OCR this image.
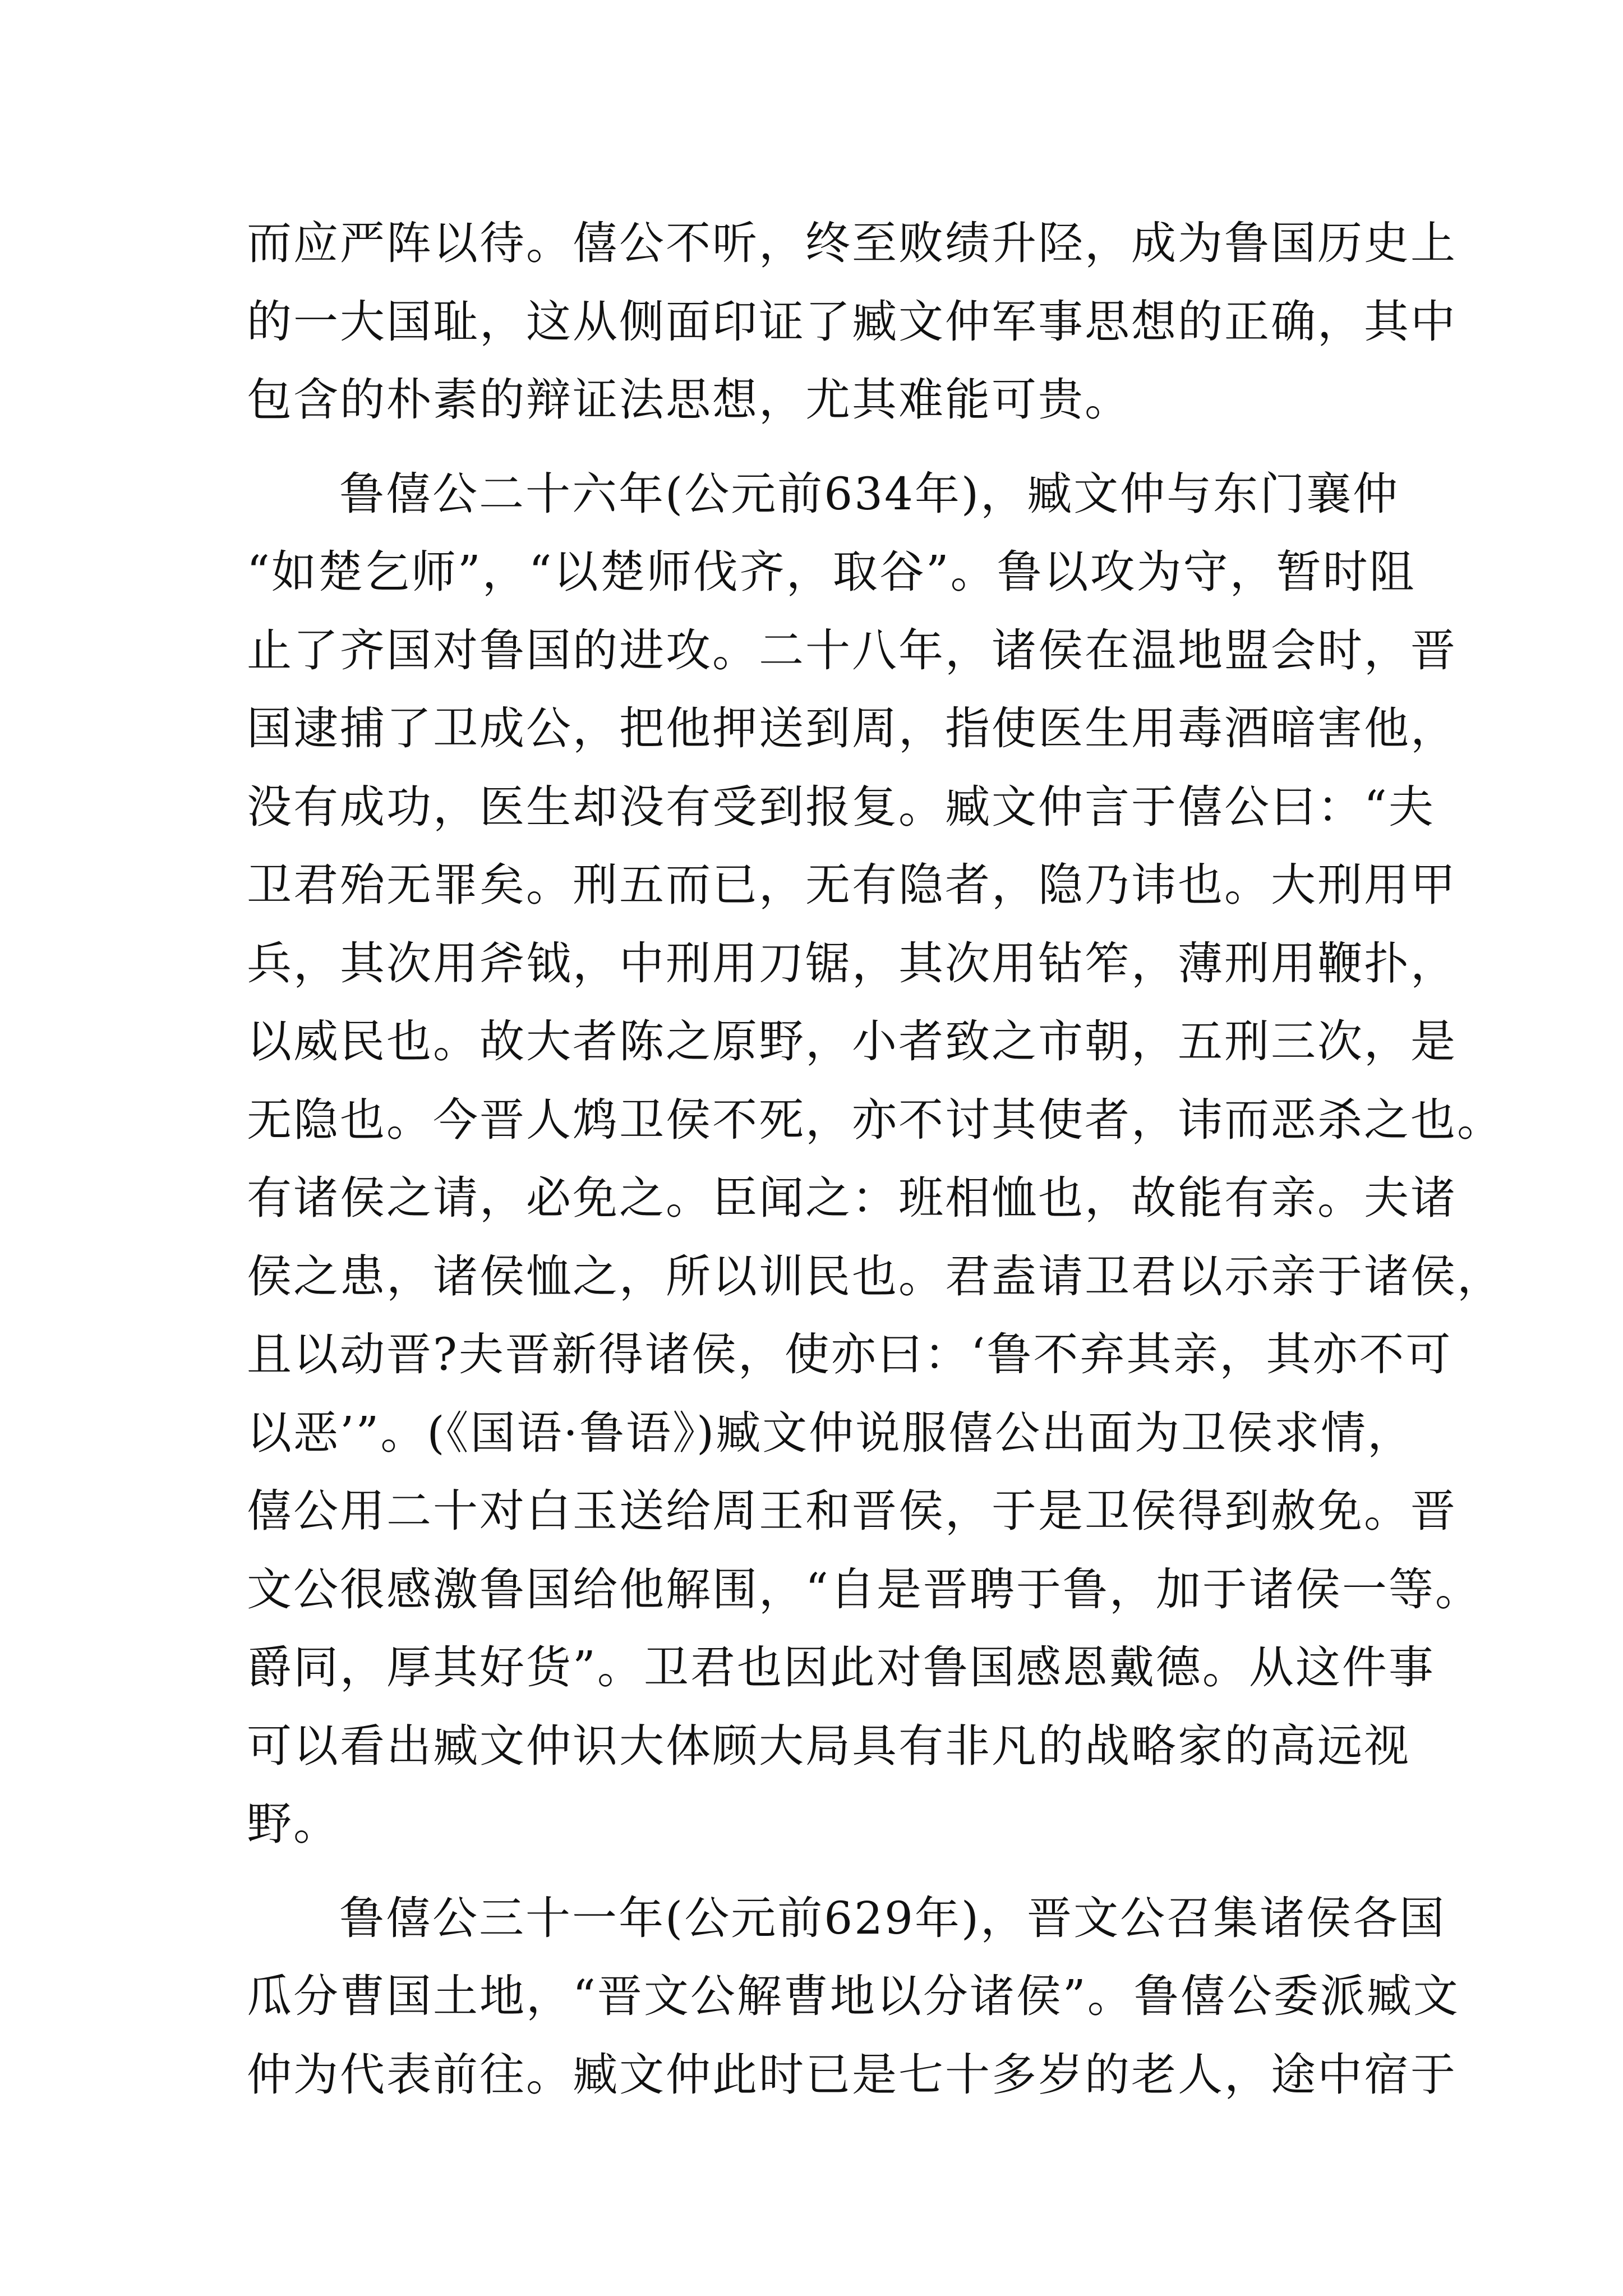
而应严阵以待。僖公不听，终至败绩升陉，成为鲁国历史上
的一大国耻，这从侧面印证了臧文仲军事思想的正确，其中
包含的朴素的辩证法思想，尤其难能可贵。
鲁僖公二十六年(公元前634年)，臧文仲与东门襄仲
“如楚乞师”，“以楚师伐齐，取谷”。鲁以攻为守，暂时阻
止了齐国对鲁国的进攻。二十八年，诸侯在温地盟会时，晋
国逮捕了卫成公，把他押送到周，指使医生用毒酒暗害他，
没有成功，医生却没有受到报复。臧文仲言于僖公曰：“夫
卫君殆无罪矣。刑五而已，无有隐者，隐乃讳也。大刑用甲
兵，其次用斧钺，中刑用刀锯，其次用钻笮，薄刑用鞭扑，
以威民也。故大者陈之原野，小者致之市朝，五刑三次，是
无隐也。今晋人鸩卫侯不死，亦不讨其使者，讳而恶杀之也。
有诸侯之请，必免之。臣闻之：班相恤也，故能有亲。夫诸
侯之患，诸侯恤之，所以训民也。君盍请卫君以示亲于诸侯，
且以动晋?夫晋新得诸侯，使亦曰：‘鲁不弃其亲，其亦不可
以恶’”。(《国语·鲁语》)臧文仲说服僖公出面为卫侯求情，
僖公用二十对白玉送给周王和晋侯，于是卫侯得到赦免。晋
文公很感激鲁国给他解围，“自是晋聘于鲁，加于诸侯一等。
爵同，厚其好货”。卫君也因此对鲁国感恩戴德。从这件事
可以看出臧文仲识大体顾大局具有非凡的战略家的高远视
野。
鲁僖公三十一年(公元前629年)，晋文公召集诸侯各国
瓜分曹国土地，“晋文公解曹地以分诸侯”。鲁僖公委派臧文
仲为代表前往。臧文仲此时已是七十多岁的老人，途中宿于
